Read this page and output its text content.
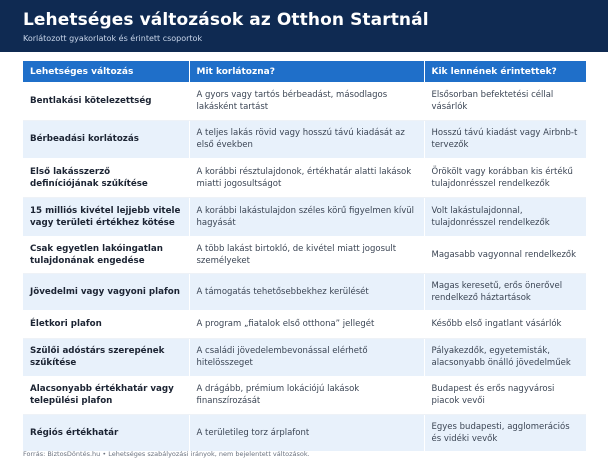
Lehetséges változások az Otthon Startnál
Korlátozott gyakorlatok és érintett csoportok
Lehetséges változás	Mit korlátozna?	Kik lennének érintettek?
Bentlakási kötelezettség	A gyors vagy tartós bérbeadást, másodlagos lakásként tartást	Elsősorban befektetési céllal vásárlók
Bérbeadási korlátozás	A teljes lakás rövid vagy hosszú távú kiadását az első években	Hosszú távú kiadást vagy Airbnb-t tervezők
Első lakásszerző definíciójának szűkítése	A korábbi résztulajdonok, értékhatár alatti lakások miatti jogosultságot	Örökölt vagy korábban kis értékű tulajdonrésszel rendelkezők
15 milliós kivétel lejjebb vitele vagy területi értékhez kötése	A korábbi lakástulajdon széles körű figyelmen kívül hagyását	Volt lakástulajdonnal, tulajdonrésszel rendelkezők
Csak egyetlen lakóingatlan tulajdonának engedése	A több lakást birtokló, de kivétel miatt jogosult személyeket	Magasabb vagyonnal rendelkezők
Jövedelmi vagy vagyoni plafon	A támogatás tehetősebbekhez kerülését	Magas keresetű, erős önerővel rendelkező háztartások
Életkori plafon	A program „fiatalok első otthona” jellegét	Később első ingatlant vásárlók
Szülői adóstárs szerepének szűkítése	A családi jövedelembevonással elérhető hitelösszeget	Pályakezdők, egyetemisták, alacsonyabb önálló jövedelműek
Alacsonyabb értékhatár vagy települési plafon	A drágább, prémium lokációjú lakások finanszírozását	Budapest és erős nagyvárosi piacok vevői
Régiós értékhatár	A területileg torz árplafont	Egyes budapesti, agglomerációs és vidéki vevők
Forrás: BiztosDöntés.hu • Lehetséges szabályozási irányok, nem bejelentett változások.
